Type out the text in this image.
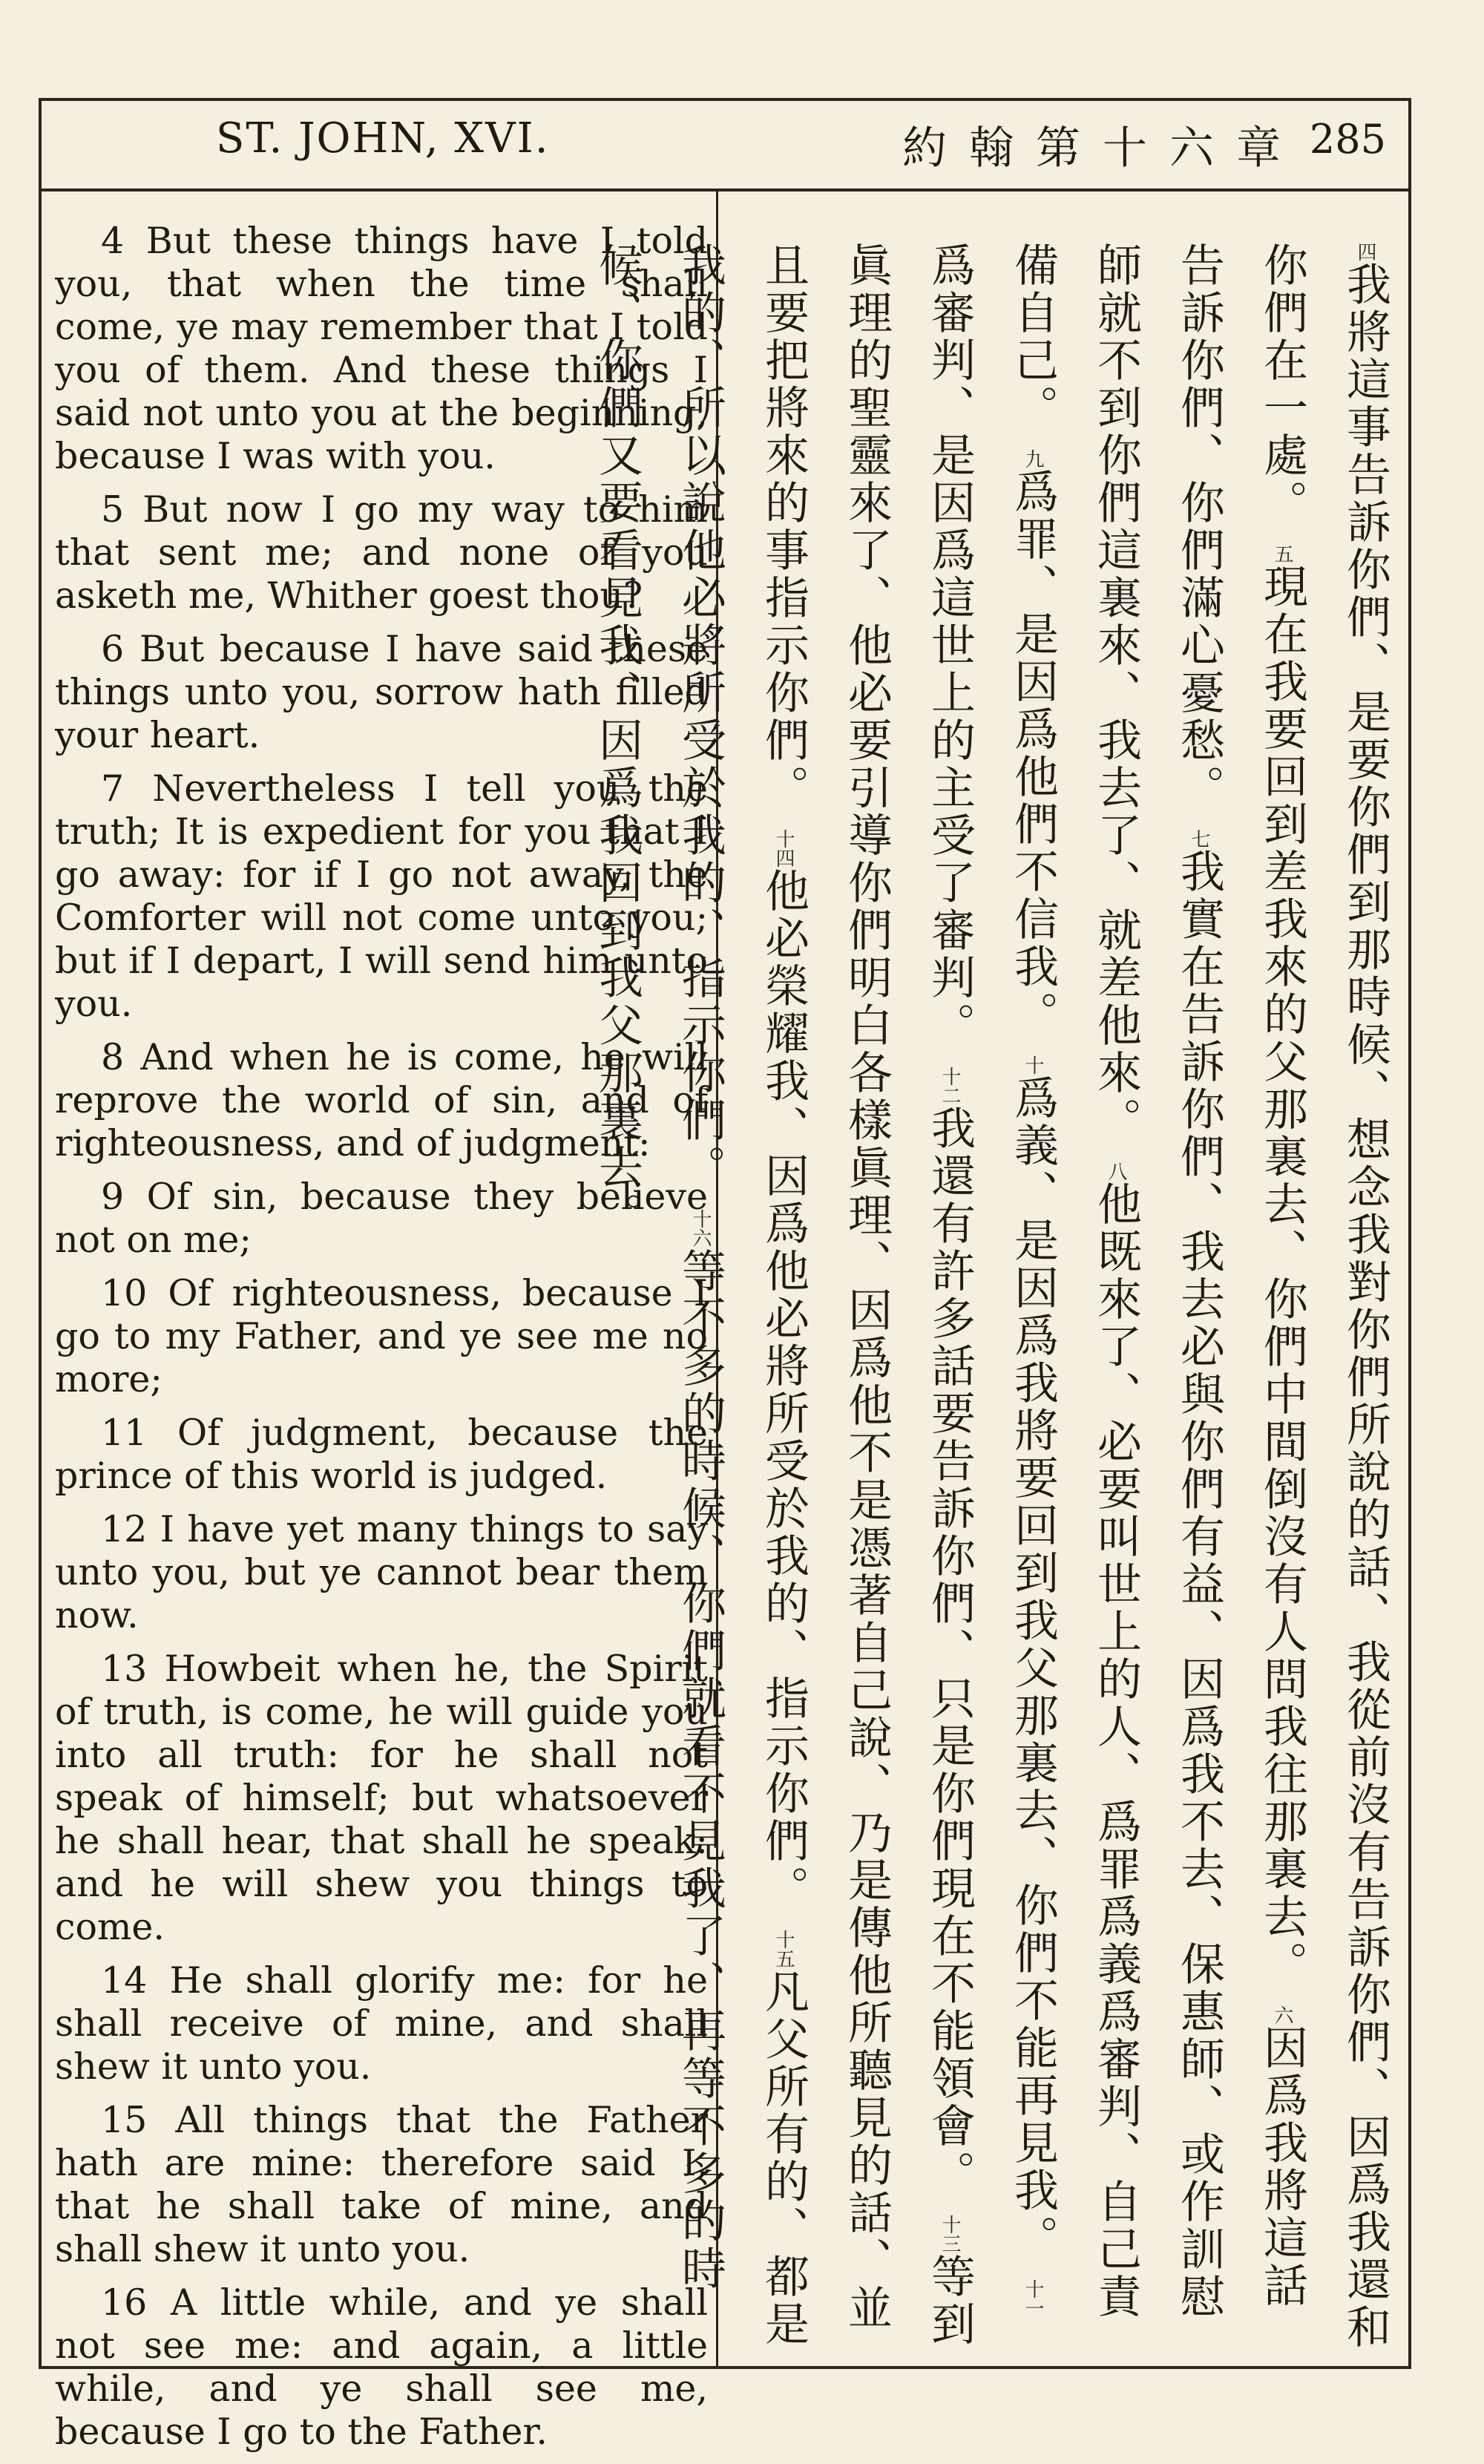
ST. JOHN, XVI.	約翰第十六章 285

4 But these things have I told you, that when the time shall come, ye may remember that I told you of them. And these things I said not unto you at the beginning, because I was with you.

5 But now I go my way to him that sent me; and none of you asketh me, Whither goest thou?

6 But because I have said these things unto you, sorrow hath filled your heart.

7 Nevertheless I tell you the truth; It is expedient for you that I go away: for if I go not away, the Comforter will not come unto you; but if I depart, I will send him unto you.

8 And when he is come, he will reprove the world of sin, and of righteousness, and of judgment:

9 Of sin, because they believe not on me;

10 Of righteousness, because I go to my Father, and ye see me no more;

11 Of judgment, because the prince of this world is judged.

12 I have yet many things to say unto you, but ye cannot bear them now.

13 Howbeit when he, the Spirit of truth, is come, he will guide you into all truth: for he shall not speak of himself; but whatsoever he shall hear, that shall he speak: and he will shew you things to come.

14 He shall glorify me: for he shall receive of mine, and shall shew it unto you.

15 All things that the Father hath are mine: therefore said I, that he shall take of mine, and shall shew it unto you.

16 A little while, and ye shall not see me: and again, a little while, and ye shall see me, because I go to the Father.

四我將這事告訴你們、是要你們到那時候、想念我對你們所說的話、我從前沒有告訴你們、因爲我還和你們在一處。 五現在我要回到差我來的父那裏去、你們中間倒沒有人問我往那裏去。 六因爲我將這話告訴你們、你們滿心憂愁。 七我實在告訴你們、我去必與你們有益、因爲我不去、保惠師、或作訓慰師就不到你們這裏來、我去了、就差他來。 八他既來了、必要叫世上的人、爲罪爲義爲審判、自己責備自己。 九爲罪、是因爲他們不信我。 十爲義、是因爲我將要回到我父那裏去、你們不能再見我。 十一爲審判、是因爲這世上的主受了審判。 十二我還有許多話要告訴你們、只是你們現在不能領會。 十三等到眞理的聖靈來了、他必要引導你們明白各樣眞理、因爲他不是憑著自己說、乃是傳他所聽見的話、並且要把將來的事指示你們。 十四他必榮耀我、因爲他必將所受於我的、指示你們。 十五凡父所有的、都是我的、所以說他必將所受於我的、指示你們。 十六等不多的時候、你們就看不見我了、再等不多的時候、你們又要看見我、因爲我回到我父那裏去。
